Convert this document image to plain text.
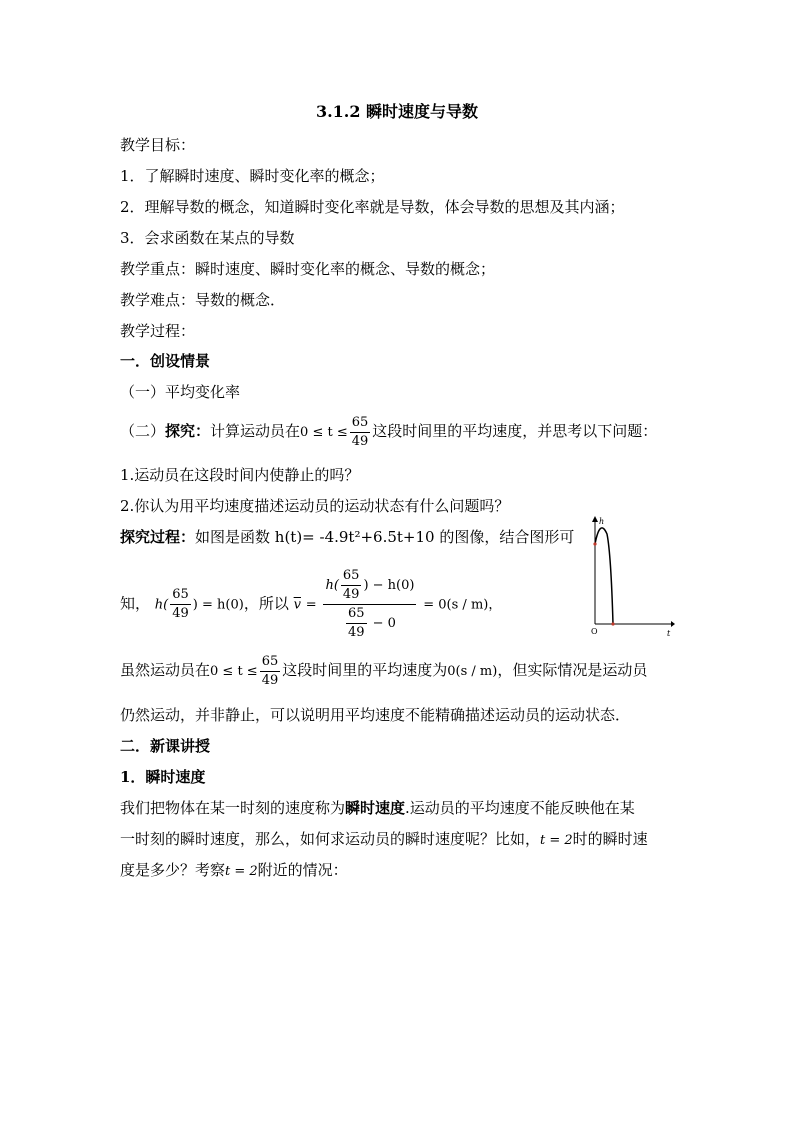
3.1.2 瞬时速度与导数
教学目标：
1．了解瞬时速度、瞬时变化率的概念；
2．理解导数的概念，知道瞬时变化率就是导数，体会导数的思想及其内涵；
3．会求函数在某点的导数
教学重点：瞬时速度、瞬时变化率的概念、导数的概念；
教学难点：导数的概念．
教学过程：
一．创设情景
（一）平均变化率
（二）探究：计算运动员在$0 \le t \le \frac{65}{49}$ 这段时间里的平均速度，并思考以下问题：
1.运动员在这段时间内使静止的吗？
2.你认为用平均速度描述运动员的运动状态有什么问题吗？
探究过程：如图是函数 h(t)= -4.9t²+6.5t+10 的图像，结合图形可
知， $h( \frac{65}{49}$ ) = h(0)，所以 $\overline{v} = \frac{h( \frac{65}{49} ) - h(0)}{\frac{65}{49} - 0} = 0(s / m)$，
h
t
O
虽然运动员在$0 \le t \le \frac{65}{49}$ 这段时间里的平均速度为0(s / m)，但实际情况是运动员
仍然运动，并非静止，可以说明用平均速度不能精确描述运动员的运动状态．
二．新课讲授
1．瞬时速度
我们把物体在某一时刻的速度称为瞬时速度.运动员的平均速度不能反映他在某
一时刻的瞬时速度，那么，如何求运动员的瞬时速度呢？比如，t = 2时的瞬时速
度是多少？考察t = 2附近的情况：
